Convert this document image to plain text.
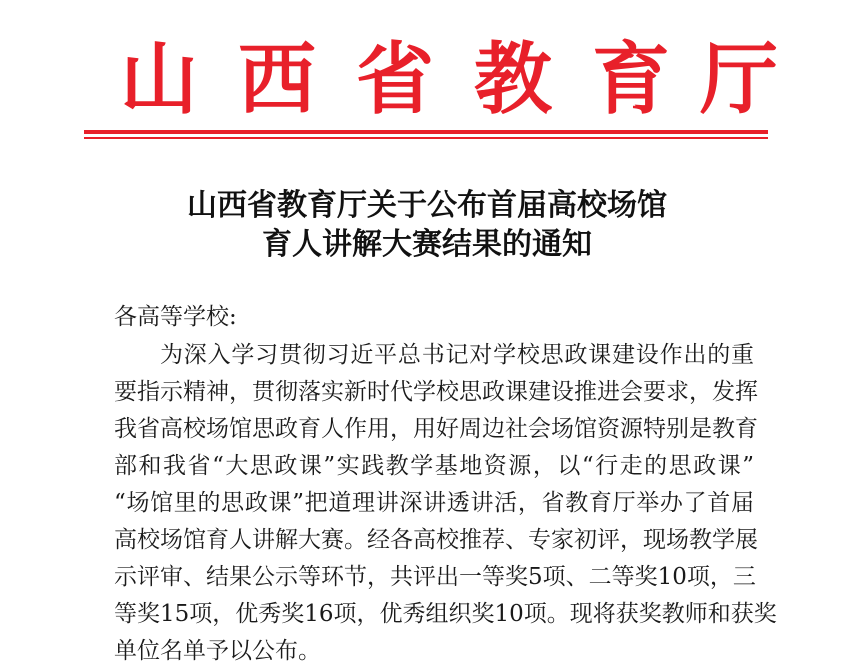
山 西 省 教 育 厅
山西省教育厅关于公布首届高校场馆
育人讲解大赛结果的通知
各高等学校:
为深入学习贯彻习近平总书记对学校思政课建设作出的重
要指示精神，贯彻落实新时代学校思政课建设推进会要求，发挥
我省高校场馆思政育人作用，用好周边社会场馆资源特别是教育
部和我省“大思政课”实践教学基地资源，以“行走的思政课”
“场馆里的思政课”把道理讲深讲透讲活，省教育厅举办了首届
高校场馆育人讲解大赛。经各高校推荐、专家初评，现场教学展
示评审、结果公示等环节，共评出一等奖5项、二等奖10项，三
等奖15项，优秀奖16项，优秀组织奖10项。现将获奖教师和获奖
单位名单予以公布。
